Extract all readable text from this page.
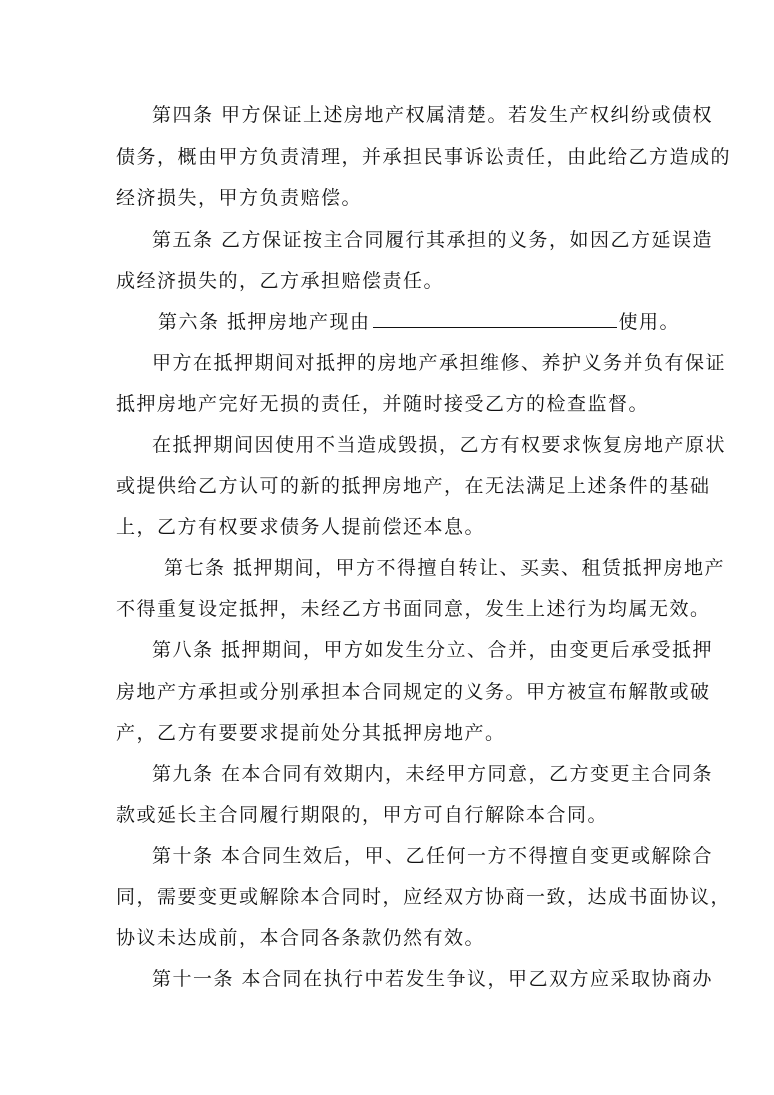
第四条 甲方保证上述房地产权属清楚。若发生产权纠纷或债权
债务，概由甲方负责清理，并承担民事诉讼责任，由此给乙方造成的
经济损失，甲方负责赔偿。
第五条 乙方保证按主合同履行其承担的义务，如因乙方延误造
成经济损失的，乙方承担赔偿责任。
第六条 抵押房地产现由	使用。
甲方在抵押期间对抵押的房地产承担维修、养护义务并负有保证
抵押房地产完好无损的责任，并随时接受乙方的检查监督。
在抵押期间因使用不当造成毁损，乙方有权要求恢复房地产原状
或提供给乙方认可的新的抵押房地产，在无法满足上述条件的基础
上，乙方有权要求债务人提前偿还本息。
第七条 抵押期间，甲方不得擅自转让、买卖、租赁抵押房地产
不得重复设定抵押，未经乙方书面同意，发生上述行为均属无效。
第八条 抵押期间，甲方如发生分立、合并，由变更后承受抵押
房地产方承担或分别承担本合同规定的义务。甲方被宣布解散或破
产，乙方有要要求提前处分其抵押房地产。
第九条 在本合同有效期内，未经甲方同意，乙方变更主合同条
款或延长主合同履行期限的，甲方可自行解除本合同。
第十条 本合同生效后，甲、乙任何一方不得擅自变更或解除合
同，需要变更或解除本合同时，应经双方协商一致，达成书面协议，
协议未达成前，本合同各条款仍然有效。
第十一条 本合同在执行中若发生争议，甲乙双方应采取协商办
